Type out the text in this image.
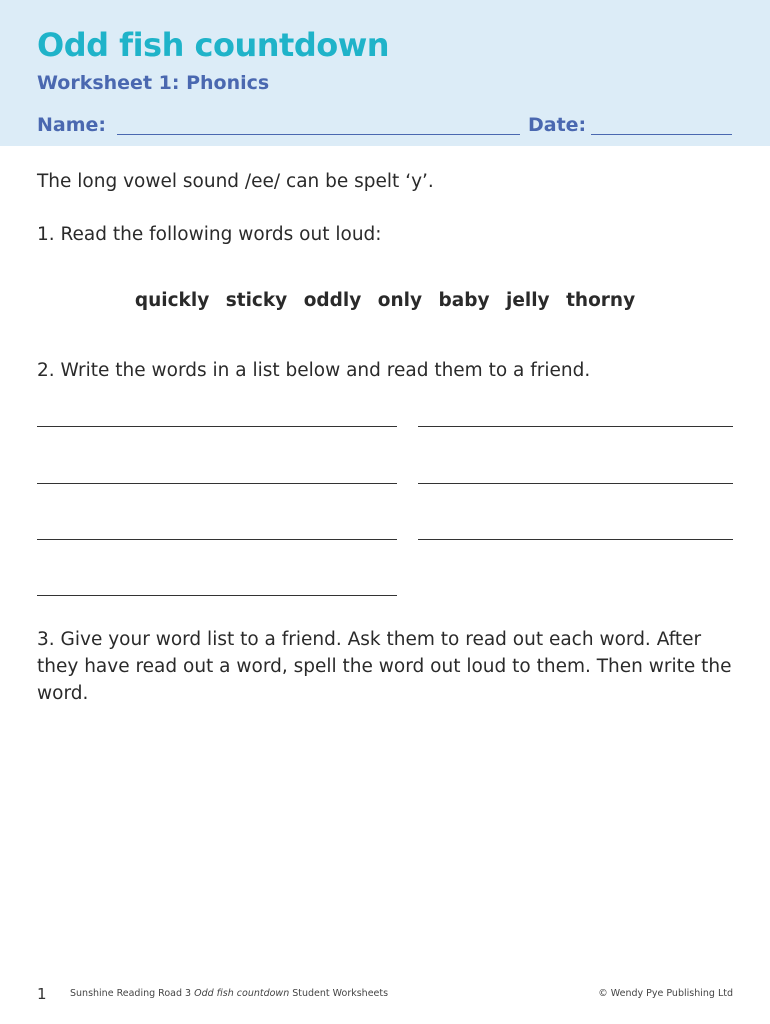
Odd fish countdown
Worksheet 1: Phonics
Name:	Date:
The long vowel sound /ee/ can be spelt ‘y’.
1. Read the following words out loud:
quickly sticky oddly only baby jelly thorny
2. Write the words in a list below and read them to a friend.
3. Give your word list to a friend. Ask them to read out each word. After they have read out a word, spell the word out loud to them. Then write the word.
1 Sunshine Reading Road 3 Odd fish countdown Student Worksheets	© Wendy Pye Publishing Ltd
